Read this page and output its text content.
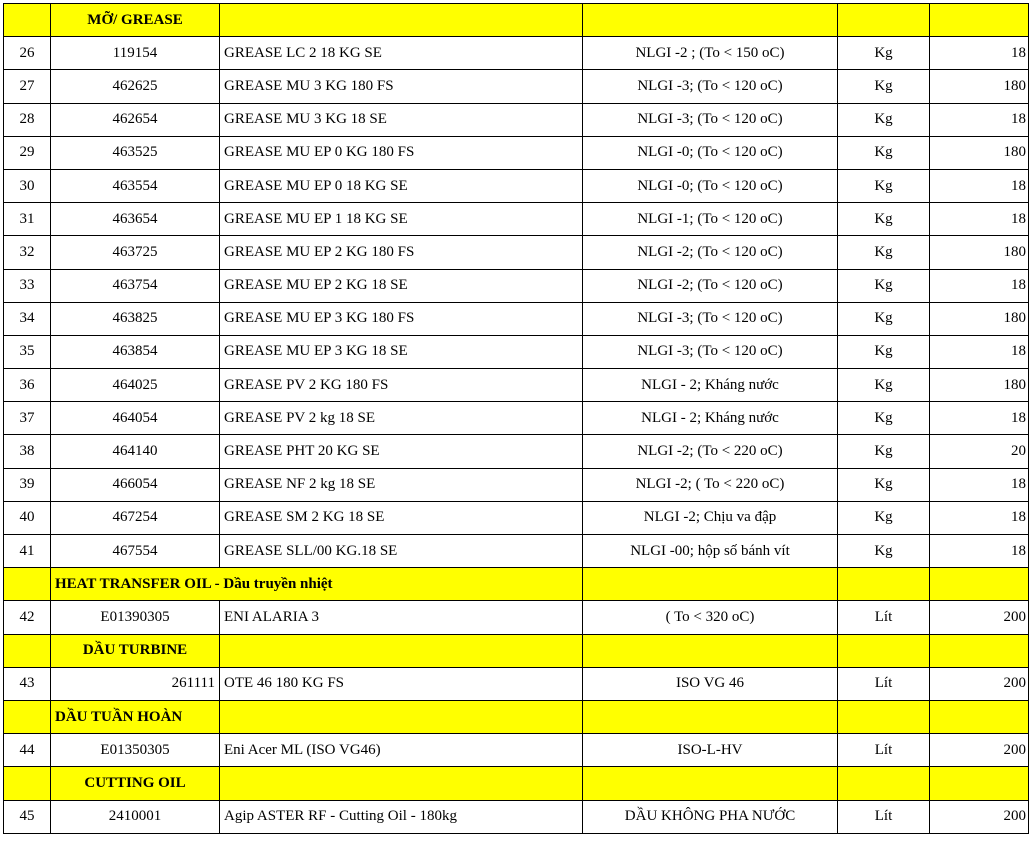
	MỠ/ GREASE				
26	119154	GREASE LC 2 18 KG SE	NLGI -2 ; (To < 150 oC)	Kg	18
27	462625	GREASE MU 3 KG 180 FS	NLGI -3; (To < 120 oC)	Kg	180
28	462654	GREASE MU 3 KG 18 SE	NLGI -3; (To < 120 oC)	Kg	18
29	463525	GREASE MU EP 0 KG 180 FS	NLGI -0; (To < 120 oC)	Kg	180
30	463554	GREASE MU EP 0 18 KG SE	NLGI -0; (To < 120 oC)	Kg	18
31	463654	GREASE MU EP 1 18 KG SE	NLGI -1; (To < 120 oC)	Kg	18
32	463725	GREASE MU EP 2 KG 180 FS	NLGI -2; (To < 120 oC)	Kg	180
33	463754	GREASE MU EP 2 KG 18 SE	NLGI -2; (To < 120 oC)	Kg	18
34	463825	GREASE MU EP 3 KG 180 FS	NLGI -3; (To < 120 oC)	Kg	180
35	463854	GREASE MU EP 3 KG 18 SE	NLGI -3; (To < 120 oC)	Kg	18
36	464025	GREASE PV 2 KG 180 FS	NLGI - 2; Kháng nước	Kg	180
37	464054	GREASE PV 2 kg 18 SE	NLGI - 2; Kháng nước	Kg	18
38	464140	GREASE PHT 20 KG SE	NLGI -2; (To < 220 oC)	Kg	20
39	466054	GREASE NF 2 kg 18 SE	NLGI -2; ( To < 220 oC)	Kg	18
40	467254	GREASE SM 2 KG 18 SE	NLGI -2; Chịu va đập	Kg	18
41	467554	GREASE SLL/00 KG.18 SE	NLGI -00; hộp số bánh vít	Kg	18
	HEAT TRANSFER OIL - Dầu truyền nhiệt				
42	E01390305	ENI ALARIA 3	( To < 320 oC)	Lít	200
	DẦU TURBINE				
43	261111	OTE 46 180 KG FS	ISO VG 46	Lít	200
	DẦU TUẦN HOÀN				
44	E01350305	Eni Acer ML (ISO VG46)	ISO-L-HV	Lít	200
	CUTTING OIL				
45	2410001	Agip ASTER RF - Cutting Oil - 180kg	DẦU KHÔNG PHA NƯỚC	Lít	200
